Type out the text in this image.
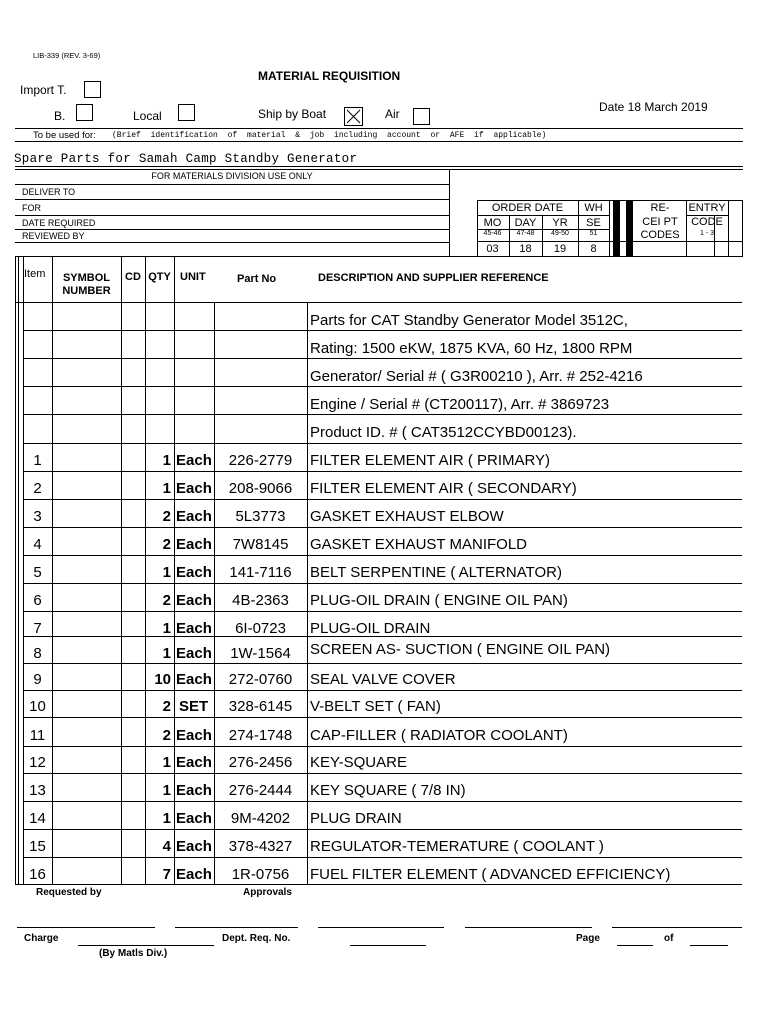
LIB-339 (REV. 3-69)
MATERIAL REQUISITION
Import T.
B.	Local	Ship by Boat	Air	Date 18 March 2019
To be used for: (Brief identification of material & job including account or AFE if applicable)
Spare Parts for Samah Camp Standby Generator
FOR MATERIALS DIVISION USE ONLY
DELIVER TO
FOR
DATE REQUIRED
REVIEWED BY
ORDER DATE	WH
MO	DAY	YR	SE
45-46	47-48	49-50	51
03	18	19	8
RE-
CEI PT
CODES
ENTRY
CODE
1 - 3
Item	SYMBOL
NUMBER
CD QTY UNIT	Part No	DESCRIPTION AND SUPPLIER REFERENCE
Parts for CAT Standby Generator Model 3512C,
Rating: 1500 eKW, 1875 KVA, 60 Hz, 1800 RPM
Generator/ Serial # ( G3R00210 ), Arr. # 252-4216
Engine / Serial # (CT200117), Arr. # 3869723
Product ID. # ( CAT3512CCYBD00123).
1	1 Each	226-2779	FILTER ELEMENT AIR ( PRIMARY)
2	1 Each	208-9066	FILTER ELEMENT AIR ( SECONDARY)
3	2 Each	5L3773	GASKET EXHAUST ELBOW
4	2 Each	7W8145	GASKET EXHAUST MANIFOLD
5	1 Each	141-7116	BELT SERPENTINE ( ALTERNATOR)
6	2 Each	4B-2363	PLUG-OIL DRAIN ( ENGINE OIL PAN)
7	1 Each	6I-0723	PLUG-OIL DRAIN
8	1 Each	1W-1564	SCREEN AS- SUCTION ( ENGINE OIL PAN)
9	10 Each	272-0760	SEAL VALVE COVER
10	2 SET	328-6145	V-BELT SET ( FAN)
11	2 Each	274-1748	CAP-FILLER ( RADIATOR COOLANT)
12	1 Each	276-2456	KEY-SQUARE
13	1 Each	276-2444	KEY SQUARE ( 7/8 IN)
14	1 Each	9M-4202	PLUG DRAIN
15	4 Each	378-4327	REGULATOR-TEMERATURE ( COOLANT )
16	7 Each	1R-0756	FUEL FILTER ELEMENT ( ADVANCED EFFICIENCY)
Requested by	Approvals
Charge	Dept. Req. No.	Page	of
(By Matls Div.)
